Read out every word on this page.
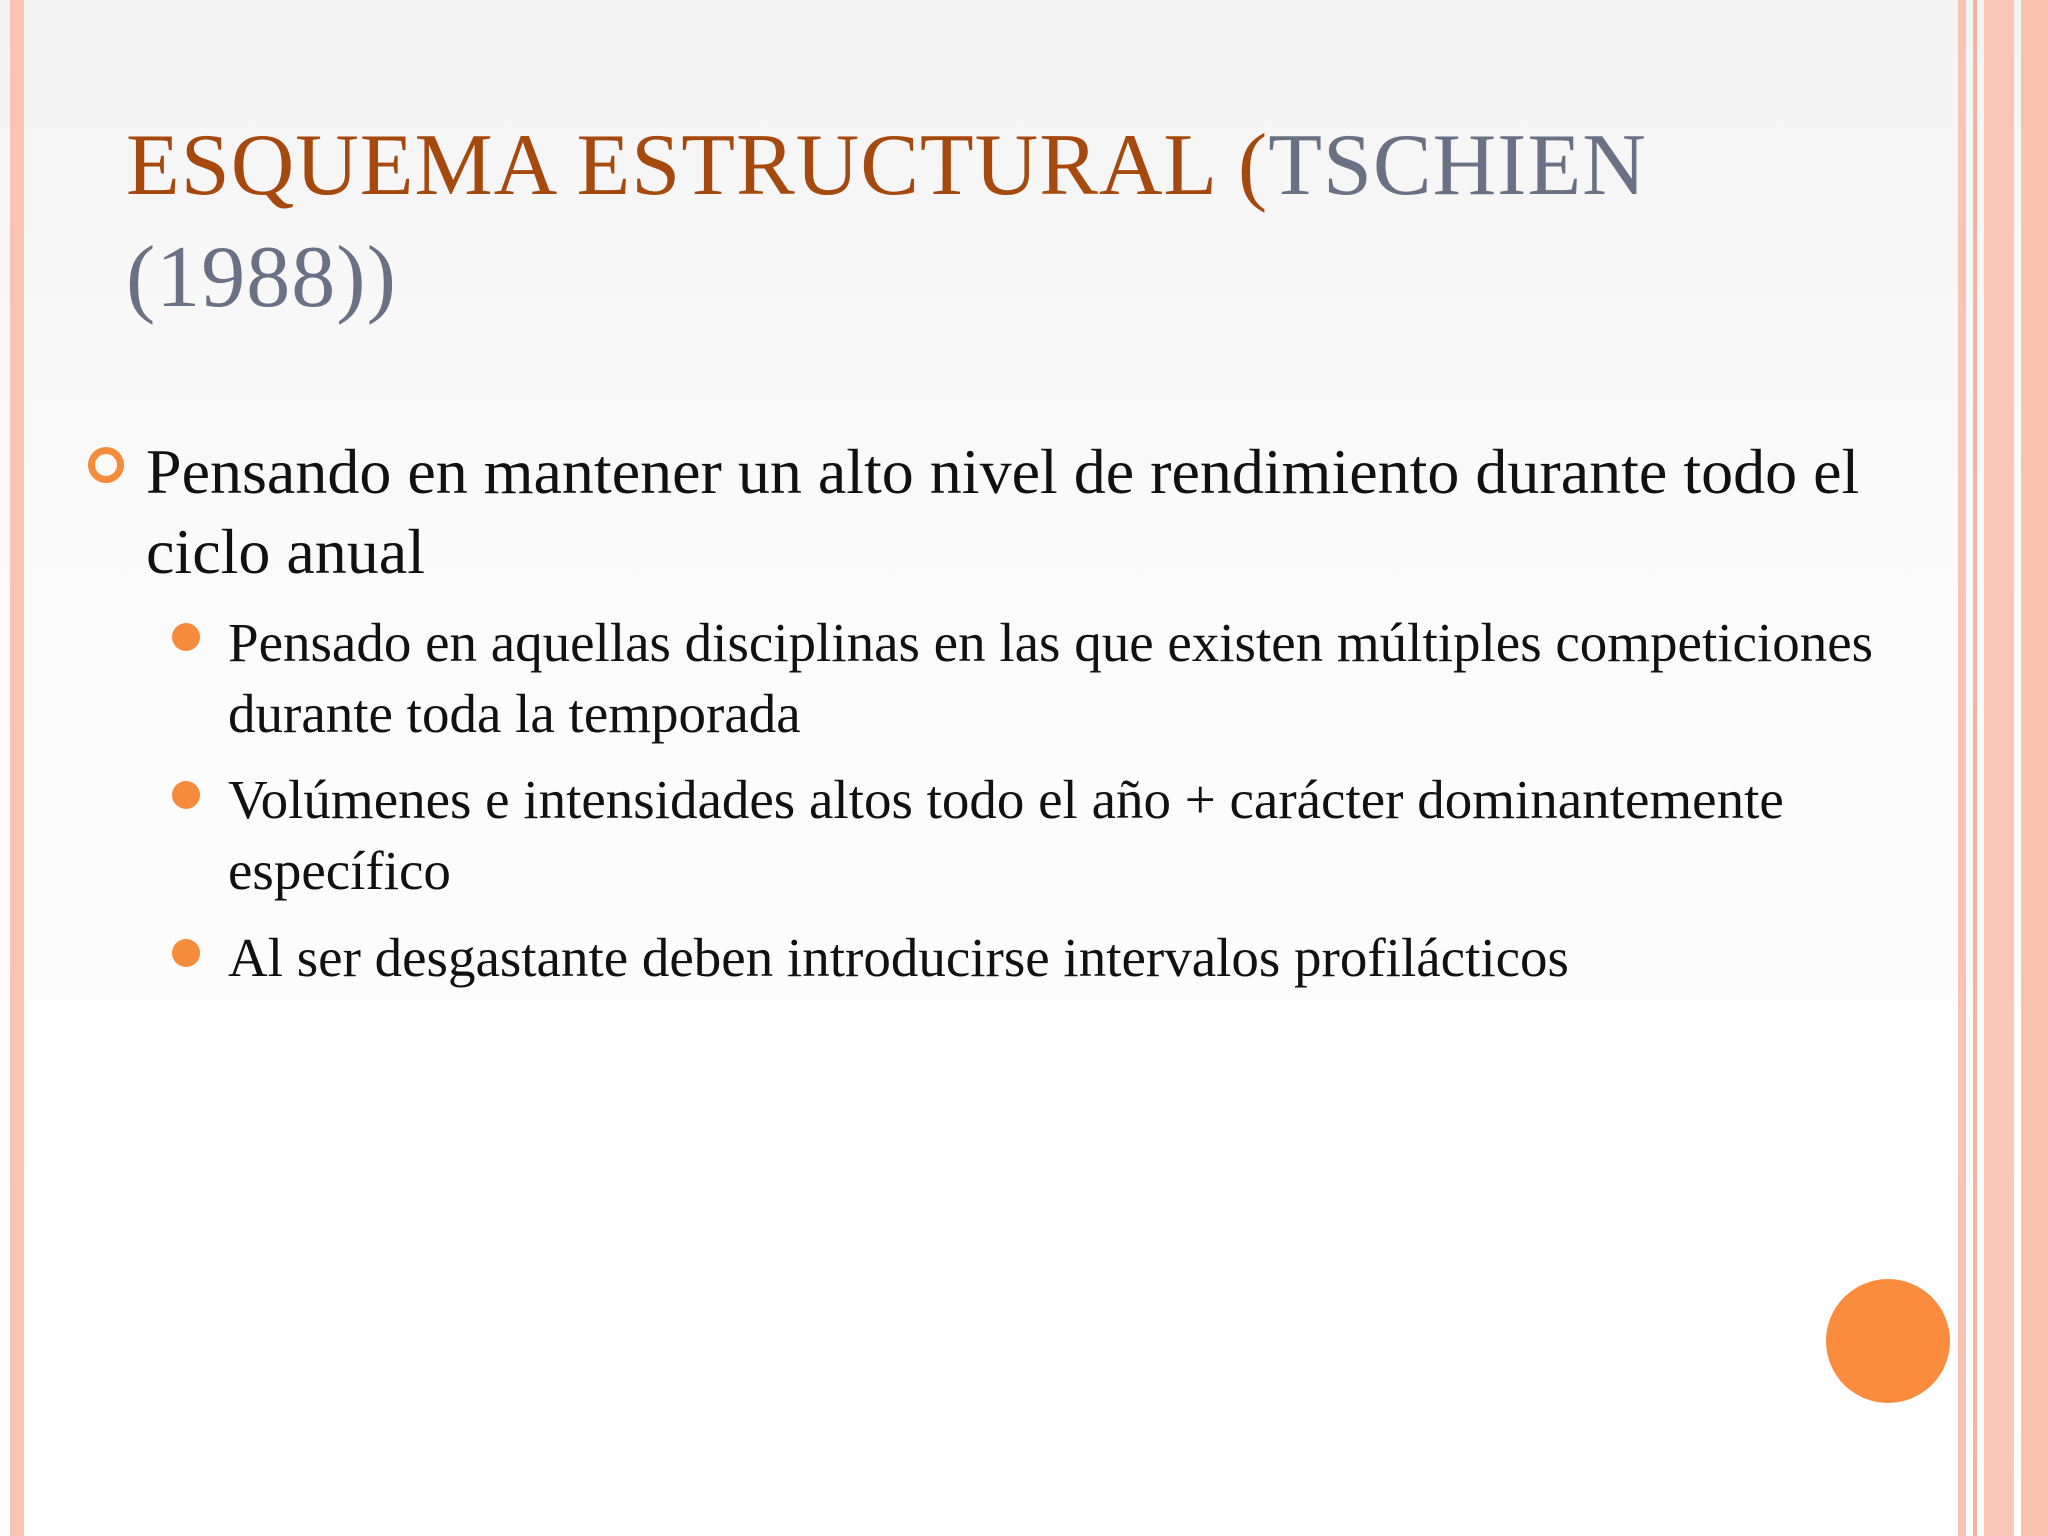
ESQUEMA ESTRUCTURAL (TSCHIEN (1988))
Pensando en mantener un alto nivel de rendimiento durante todo el ciclo anual
Pensado en aquellas disciplinas en las que existen múltiples competiciones durante toda la temporada
Volúmenes e intensidades altos todo el año + carácter dominantemente específico
Al ser desgastante deben introducirse intervalos profilácticos
